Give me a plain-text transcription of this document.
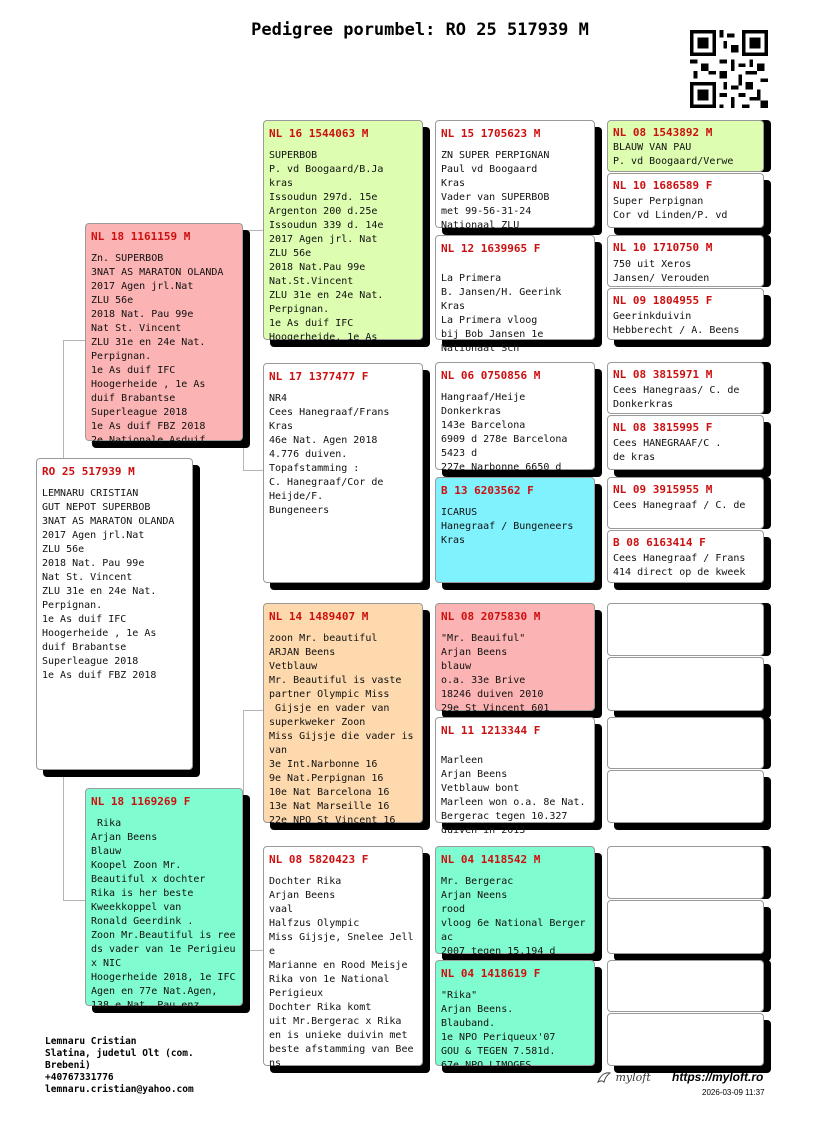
Pedigree porumbel: RO 25 517939 M
RO 25 517939 M
LEMNARU CRISTIAN
GUT NEPOT SUPERBOB
3NAT AS MARATON OLANDA
2017 Agen jrl.Nat
ZLU 56e
2018 Nat. Pau 99e
Nat St. Vincent
ZLU 31e en 24e Nat.
Perpignan.
1e As duif IFC
Hoogerheide , 1e As
duif Brabantse
Superleague 2018
1e As duif FBZ 2018
NL 18 1161159 M
Zn. SUPERBOB
3NAT AS MARATON OLANDA
2017 Agen jrl.Nat
ZLU 56e
2018 Nat. Pau 99e
Nat St. Vincent
ZLU 31e en 24e Nat.
Perpignan.
1e As duif IFC
Hoogerheide , 1e As
duif Brabantse
Superleague 2018
1e As duif FBZ 2018
2e Nationale Asduif
NL 18 1169269 F
Rika
Arjan Beens
Blauw
Koopel Zoon Mr.
Beautiful x dochter
Rika is her beste
Kweekkoppel van
Ronald Geerdink .
Zoon Mr.Beautiful is ree
ds vader van 1e Perigieu
x NIC
Hoogerheide 2018, 1e IFC
Agen en 77e Nat.Agen,
138 e Nat. Pau enz
NL 16 1544063 M
SUPERBOB
P. vd Boogaard/B.Ja
kras
Issoudun 297d. 15e
Argenton 200 d.25e
Issoudun 339 d. 14e
2017 Agen jrl. Nat
ZLU 56e
2018 Nat.Pau 99e
Nat.St.Vincent
ZLU 31e en 24e Nat.
Perpignan.
1e As duif IFC
Hoogerheide, 1e As
NL 17 1377477 F
NR4
Cees Hanegraaf/Frans
Kras
46e Nat. Agen 2018
4.776 duiven.
Topafstamming :
C. Hanegraaf/Cor de
Heijde/F.
Bungeneers
NL 14 1489407 M
zoon Mr. beautiful
ARJAN Beens
Vetblauw
Mr. Beautiful is vaste
partner Olympic Miss
Gijsje en vader van
superkweker Zoon
Miss Gijsje die vader is
van
3e Int.Narbonne 16
9e Nat.Perpignan 16
10e Nat Barcelona 16
13e Nat Marseille 16
22e NPO St Vincent 16
NL 08 5820423 F
Dochter Rika
Arjan Beens
vaal
Halfzus Olympic
Miss Gijsje, Snelee Jell
e
Marianne en Rood Meisje
Rika von 1e National
Perigieux
Dochter Rika komt
uit Mr.Bergerac x Rika
en is unieke duivin met
beste afstamming van Bee
ns
NL 15 1705623 M
ZN SUPER PERPIGNAN
Paul vd Boogaard
Kras
Vader van SUPERBOB
met 99-56-31-24
Nationaal ZLU
NL 12 1639965 F

La Primera
B. Jansen/H. Geerink
Kras
La Primera vloog
bij Bob Jansen 1e
Nationaal Sch
NL 06 0750856 M
Hangraaf/Heije
Donkerkras
143e Barcelona
6909 d 278e Barcelona
5423 d
227e Narbonne 6650 d
B 13 6203562 F
ICARUS
Hanegraaf / Bungeneers
Kras
NL 08 2075830 M
"Mr. Beauiful"
Arjan Beens
blauw
o.a. 33e Brive
18246 duiven 2010
29e St Vincent 601
NL 11 1213344 F

Marleen
Arjan Beens
Vetblauw bont
Marleen won o.a. 8e Nat.
Bergerac tegen 10.327
duiven in 2013
NL 04 1418542 M
Mr. Bergerac
Arjan Neens
rood
vloog 6e National Berger
ac
2007 tegen 15.194 d
NL 04 1418619 F
"Rika"
Arjan Beens.
Blauband.
1e NPO Periqueux'07
GOU & TEGEN 7.581d.
67e NPO LIMOGES
NL 08 1543892 M
BLAUW VAN PAU
P. vd Boogaard/Verwe
NL 10 1686589 F
Super Perpignan
Cor vd Linden/P. vd
NL 10 1710750 M
750 uit Xeros
Jansen/ Verouden
NL 09 1804955 F
Geerinkduivin
Hebberecht / A. Beens
NL 08 3815971 M
Cees Hanegraas/ C. de
Donkerkras
NL 08 3815995 F
Cees HANEGRAAF/C .
de kras
NL 09 3915955 M
Cees Hanegraaf / C. de
B 08 6163414 F
Cees Hanegraaf / Frans
414 direct op de kweek
Lemnaru Cristian
Slatina, judetul Olt (com.
Brebeni)
+40767331776
lemnaru.cristian@yahoo.com
myloft https://myloft.ro
2026-03-09 11:37
